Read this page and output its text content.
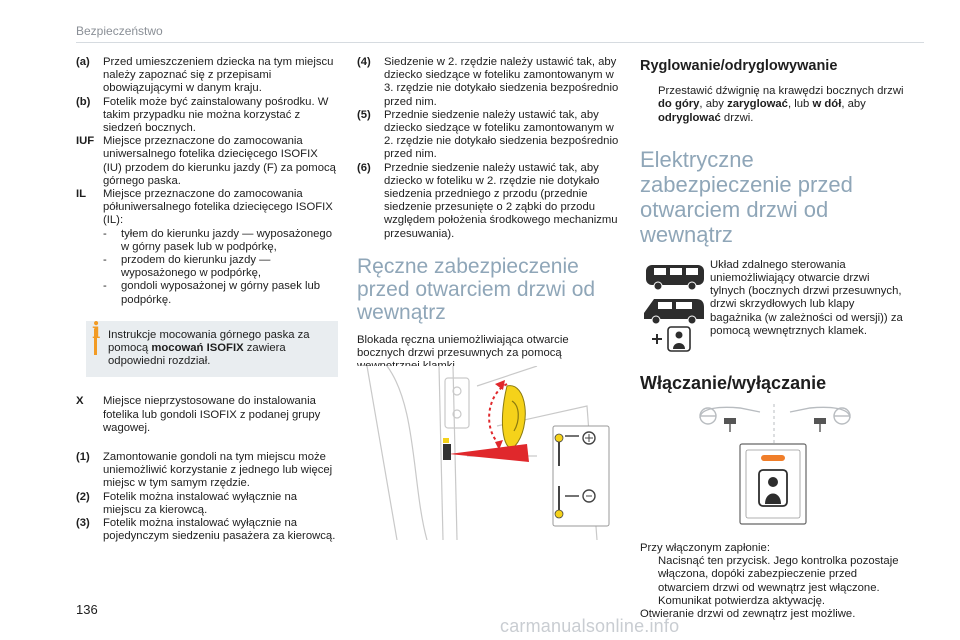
Bezpieczeństwo
(a)	Przed umieszczeniem dziecka na tym miejscu należy zapoznać się z przepisami obowiązującymi w danym kraju.
(b)	Fotelik może być zainstalowany pośrodku. W takim przypadku nie można korzystać z siedzeń bocznych.
IUF Miejsce przeznaczone do zamocowania uniwersalnego fotelika dziecięcego ISOFIX (IU) przodem do kierunku jazdy (F) za pomocą górnego paska.
IL	Miejsce przeznaczone do zamocowania półuniwersalnego fotelika dziecięcego ISOFIX (IL):
-	tyłem do kierunku jazdy — wyposażonego w górny pasek lub w podpórkę,
-	przodem do kierunku jazdy — wyposażonego w podpórkę,
-	gondoli wyposażonej w górny pasek lub podpórkę.
i Instrukcje mocowania górnego paska za pomocą mocowań ISOFIX zawiera odpowiedni rozdział.
X	Miejsce nieprzystosowane do instalowania fotelika lub gondoli ISOFIX z podanej grupy wagowej.
(1)	Zamontowanie gondoli na tym miejscu może uniemożliwić korzystanie z jednego lub więcej miejsc w tym samym rzędzie.
(2)	Fotelik można instalować wyłącznie na miejscu za kierowcą.
(3)	Fotelik można instalować wyłącznie na pojedynczym siedzeniu pasażera za kierowcą.
(4)	Siedzenie w 2. rzędzie należy ustawić tak, aby dziecko siedzące w foteliku zamontowanym w 3. rzędzie nie dotykało siedzenia bezpośrednio przed nim.
(5)	Przednie siedzenie należy ustawić tak, aby dziecko siedzące w foteliku zamontowanym w 2. rzędzie nie dotykało siedzenia bezpośrednio przed nim.
(6)	Przednie siedzenie należy ustawić tak, aby dziecko w foteliku w 2. rzędzie nie dotykało siedzenia przedniego z przodu (przednie siedzenie przesunięte o 2 ząbki do przodu względem położenia środkowego mechanizmu przesuwania).
Ręczne zabezpieczenie przed otwarciem drzwi od wewnątrz
Blokada ręczna uniemożliwiająca otwarcie bocznych drzwi przesuwnych za pomocą
Ryglowanie/odryglowywanie
Przestawić dźwignię na krawędzi bocznych drzwi do góry, aby zaryglować, lub w dół, aby odryglować drzwi.
Elektryczne zabezpieczenie przed otwarciem drzwi od wewnątrz
Układ zdalnego sterowania uniemożliwiający otwarcie drzwi tylnych (bocznych drzwi przesuwnych, drzwi skrzydłowych lub klapy bagażnika (w zależności od wersji)) za pomocą wewnętrznych klamek.
Włączanie/wyłączanie
Przy włączonym zapłonie:
Nacisnąć ten przycisk. Jego kontrolka pozostaje włączona, dopóki zabezpieczenie przed otwarciem drzwi od wewnątrz jest włączone. Komunikat potwierdza aktywację.
Otwieranie drzwi od zewnątrz jest możliwe.
136
carmanualsonline.info
